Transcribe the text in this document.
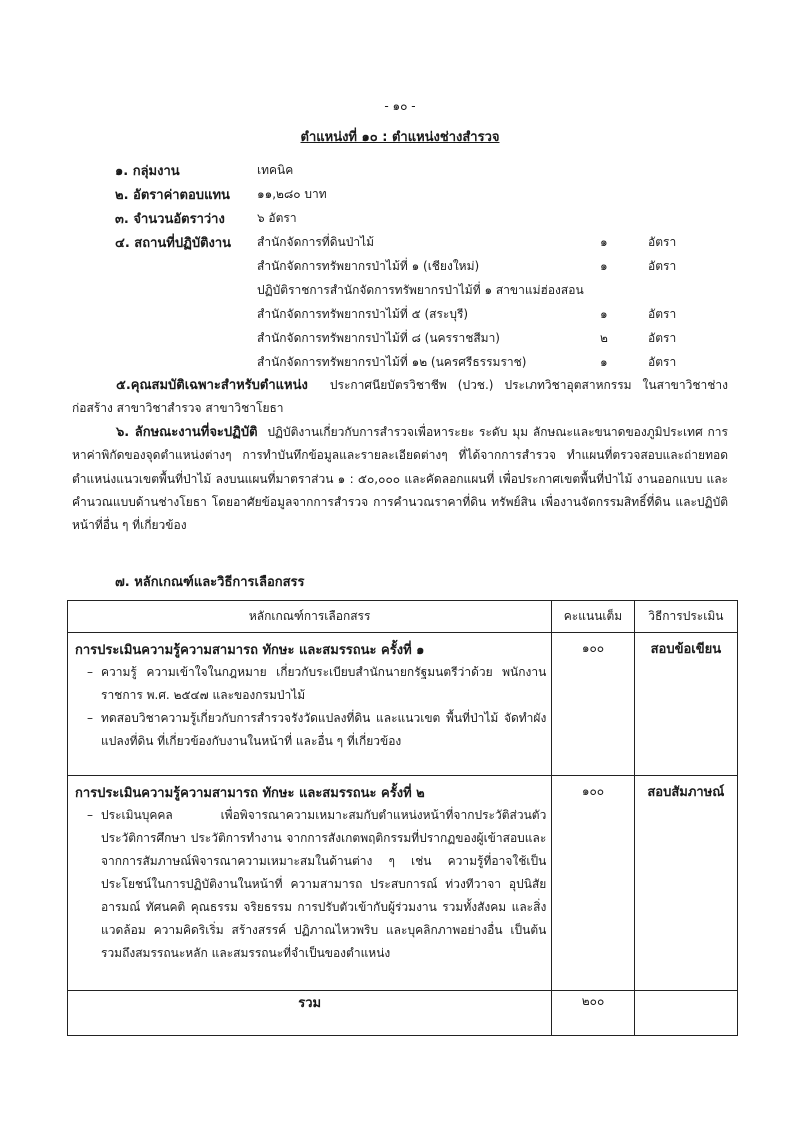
- ๑๐ -
ตำแหน่งที่ ๑๐ : ตำแหน่งช่างสำรวจ
๑. กลุ่มงาน	เทคนิค
๒. อัตราค่าตอบแทน ๑๑,๒๘๐ บาท
๓. จำนวนอัตราว่าง	๖ อัตรา
๔. สถานที่ปฏิบัติงาน สำนักจัดการที่ดินป่าไม้	๑	อัตรา
สำนักจัดการทรัพยากรป่าไม้ที่ ๑ (เชียงใหม่)	๑	อัตรา
ปฏิบัติราชการสำนักจัดการทรัพยากรป่าไม้ที่ ๑ สาขาแม่ฮ่องสอน
สำนักจัดการทรัพยากรป่าไม้ที่ ๕ (สระบุรี)	๑	อัตรา
สำนักจัดการทรัพยากรป่าไม้ที่ ๘ (นครราชสีมา)	๒	อัตรา
สำนักจัดการทรัพยากรป่าไม้ที่ ๑๒ (นครศรีธรรมราช)	๑	อัตรา
๕.คุณสมบัติเฉพาะสำหรับตำแหน่ง ประกาศนียบัตรวิชาชีพ (ปวช.) ประเภทวิชาอุตสาหกรรม ในสาขาวิชาช่างก่อสร้าง สาขาวิชาสำรวจ สาขาวิชาโยธา
๖. ลักษณะงานที่จะปฏิบัติ ปฏิบัติงานเกี่ยวกับการสำรวจเพื่อหาระยะ ระดับ มุม ลักษณะและขนาดของภูมิประเทศ การหาค่าพิกัดของจุดตำแหน่งต่างๆ การทำบันทึกข้อมูลและรายละเอียดต่างๆ ที่ได้จากการสำรวจ ทำแผนที่ตรวจสอบและถ่ายทอดตำแหน่งแนวเขตพื้นที่ป่าไม้ ลงบนแผนที่มาตราส่วน ๑ : ๕๐,๐๐๐ และคัดลอกแผนที่ เพื่อประกาศเขตพื้นที่ป่าไม้ งานออกแบบ และคำนวณแบบด้านช่างโยธา โดยอาศัยข้อมูลจากการสำรวจ การคำนวณราคาที่ดิน ทรัพย์สิน เพื่องานจัดกรรมสิทธิ์ที่ดิน และปฏิบัติหน้าที่อื่น ๆ ที่เกี่ยวข้อง
๗. หลักเกณฑ์และวิธีการเลือกสรร
หลักเกณฑ์การเลือกสรร	คะแนนเต็ม	วิธีการประเมิน

การประเมินความรู้ความสามารถ ทักษะ และสมรรถนะ ครั้งที่ ๑
– ความรู้ ความเข้าใจในกฎหมาย เกี่ยวกับระเบียบสำนักนายกรัฐมนตรีว่าด้วย พนักงานราชการ พ.ศ. ๒๕๔๗ และของกรมป่าไม้
– ทดสอบวิชาความรู้เกี่ยวกับการสำรวจรังวัดแปลงที่ดิน และแนวเขต พื้นที่ป่าไม้ จัดทำผังแปลงที่ดิน ที่เกี่ยวข้องกับงานในหน้าที่ และอื่น ๆ ที่เกี่ยวข้อง	๑๐๐	สอบข้อเขียน

การประเมินความรู้ความสามารถ ทักษะ และสมรรถนะ ครั้งที่ ๒
– ประเมินบุคคล เพื่อพิจารณาความเหมาะสมกับตำแหน่งหน้าที่จากประวัติส่วนตัวประวัติการศึกษา ประวัติการทำงาน จากการสังเกตพฤติกรรมที่ปรากฏของผู้เข้าสอบและจากการสัมภาษณ์พิจารณาความเหมาะสมในด้านต่าง ๆ เช่น ความรู้ที่อาจใช้เป็นประโยชน์ในการปฏิบัติงานในหน้าที่ ความสามารถ ประสบการณ์ ท่วงทีวาจา อุปนิสัย อารมณ์ ทัศนคติ คุณธรรม จริยธรรม การปรับตัวเข้ากับผู้ร่วมงาน รวมทั้งสังคม และสิ่งแวดล้อม ความคิดริเริ่ม สร้างสรรค์ ปฏิภาณไหวพริบ และบุคลิกภาพอย่างอื่น เป็นต้น รวมถึงสมรรถนะหลัก และสมรรถนะที่จำเป็นของตำแหน่ง	๑๐๐	สอบสัมภาษณ์
รวม	๒๐๐	
